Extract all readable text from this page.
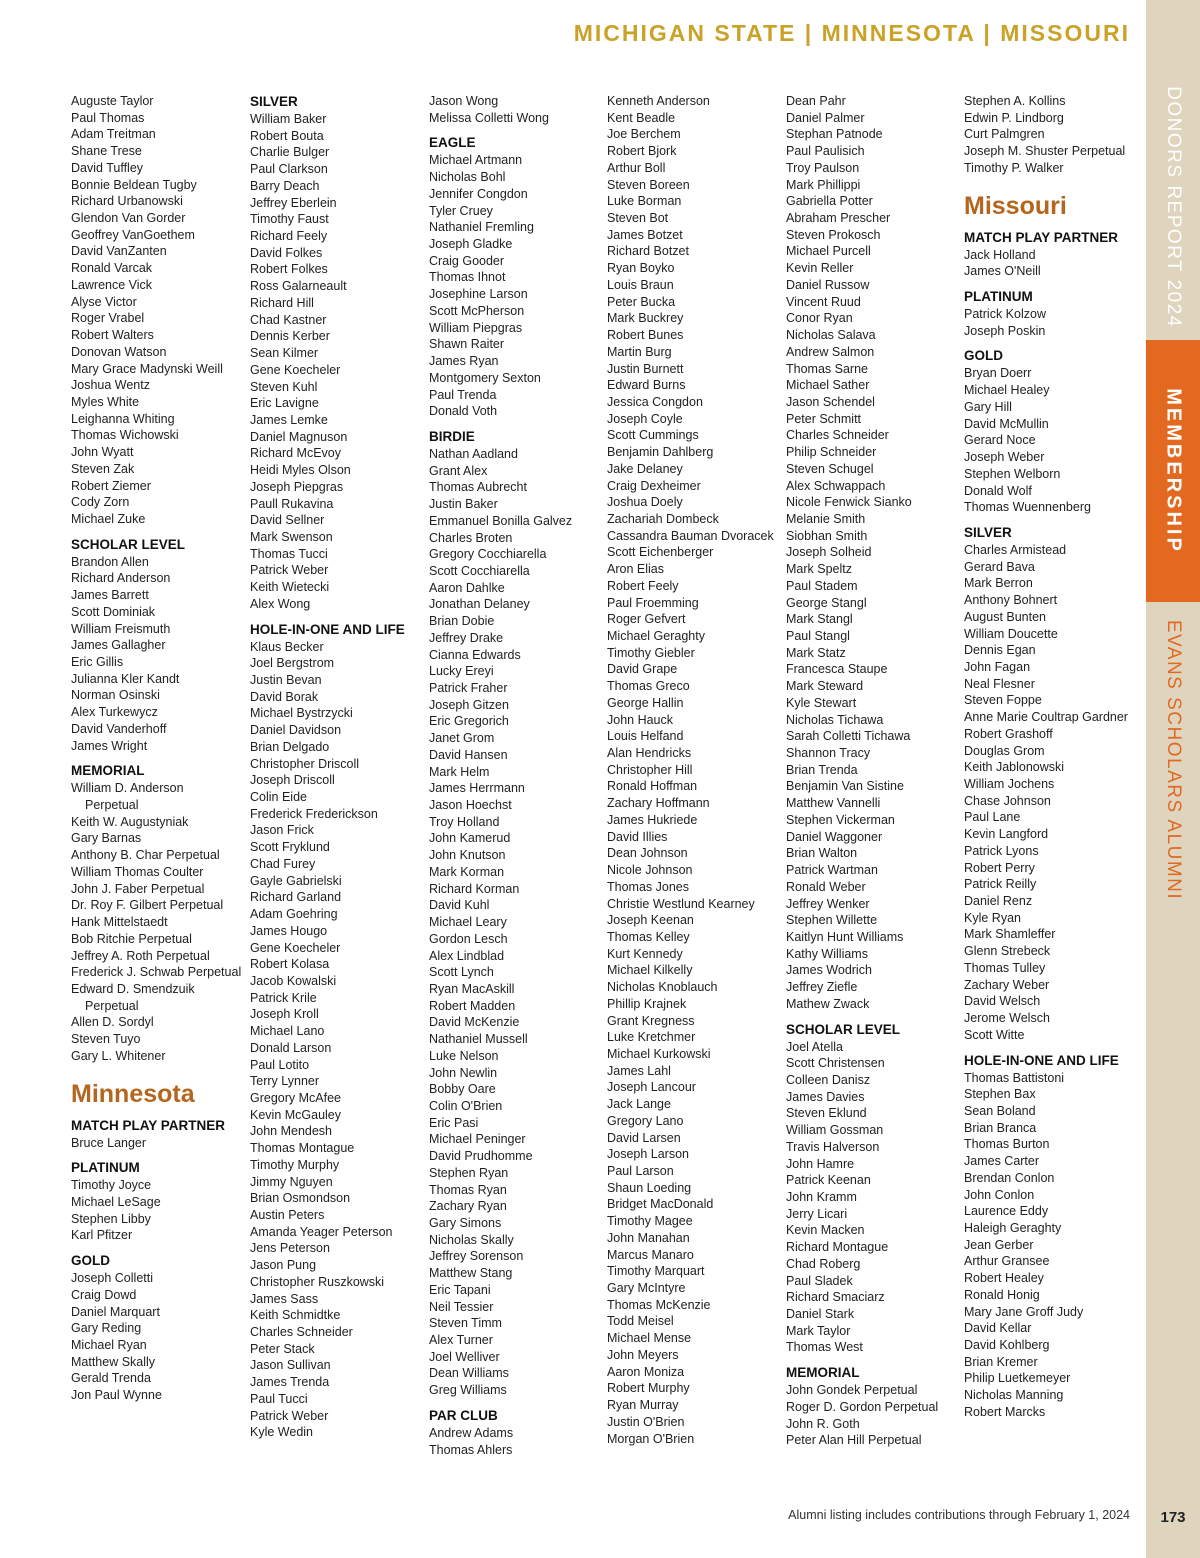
MICHIGAN STATE | MINNESOTA | MISSOURI
DONORS REPORT 2024
MEMBERSHIP
EVANS SCHOLARS ALUMNI
173
Auguste Taylor
Paul Thomas
Adam Treitman
Shane Trese
David Tuffley
Bonnie Beldean Tugby
Richard Urbanowski
Glendon Van Gorder
Geoffrey VanGoethem
David VanZanten
Ronald Varcak
Lawrence Vick
Alyse Victor
Roger Vrabel
Robert Walters
Donovan Watson
Mary Grace Madynski Weill
Joshua Wentz
Myles White
Leighanna Whiting
Thomas Wichowski
John Wyatt
Steven Zak
Robert Ziemer
Cody Zorn
Michael Zuke
SCHOLAR LEVEL
Brandon Allen
Richard Anderson
James Barrett
Scott Dominiak
William Freismuth
James Gallagher
Eric Gillis
Julianna Kler Kandt
Norman Osinski
Alex Turkewycz
David Vanderhoff
James Wright
MEMORIAL
William D. Anderson
Perpetual
Keith W. Augustyniak
Gary Barnas
Anthony B. Char Perpetual
William Thomas Coulter
John J. Faber Perpetual
Dr. Roy F. Gilbert Perpetual
Hank Mittelstaedt
Bob Ritchie Perpetual
Jeffrey A. Roth Perpetual
Frederick J. Schwab Perpetual
Edward D. Smendzuik
Perpetual
Allen D. Sordyl
Steven Tuyo
Gary L. Whitener
Minnesota
MATCH PLAY PARTNER
Bruce Langer
PLATINUM
Timothy Joyce
Michael LeSage
Stephen Libby
Karl Pfitzer
GOLD
Joseph Colletti
Craig Dowd
Daniel Marquart
Gary Reding
Michael Ryan
Matthew Skally
Gerald Trenda
Jon Paul Wynne
SILVER
William Baker
Robert Bouta
Charlie Bulger
Paul Clarkson
Barry Deach
Jeffrey Eberlein
Timothy Faust
Richard Feely
David Folkes
Robert Folkes
Ross Galarneault
Richard Hill
Chad Kastner
Dennis Kerber
Sean Kilmer
Gene Koecheler
Steven Kuhl
Eric Lavigne
James Lemke
Daniel Magnuson
Richard McEvoy
Heidi Myles Olson
Joseph Piepgras
Paull Rukavina
David Sellner
Mark Swenson
Thomas Tucci
Patrick Weber
Keith Wietecki
Alex Wong
HOLE-IN-ONE AND LIFE
Klaus Becker
Joel Bergstrom
Justin Bevan
David Borak
Michael Bystrzycki
Daniel Davidson
Brian Delgado
Christopher Driscoll
Joseph Driscoll
Colin Eide
Frederick Frederickson
Jason Frick
Scott Fryklund
Chad Furey
Gayle Gabrielski
Richard Garland
Adam Goehring
James Hougo
Gene Koecheler
Robert Kolasa
Jacob Kowalski
Patrick Krile
Joseph Kroll
Michael Lano
Donald Larson
Paul Lotito
Terry Lynner
Gregory McAfee
Kevin McGauley
John Mendesh
Thomas Montague
Timothy Murphy
Jimmy Nguyen
Brian Osmondson
Austin Peters
Amanda Yeager Peterson
Jens Peterson
Jason Pung
Christopher Ruszkowski
James Sass
Keith Schmidtke
Charles Schneider
Peter Stack
Jason Sullivan
James Trenda
Paul Tucci
Patrick Weber
Kyle Wedin
Jason Wong
Melissa Colletti Wong
EAGLE
Michael Artmann
Nicholas Bohl
Jennifer Congdon
Tyler Cruey
Nathaniel Fremling
Joseph Gladke
Craig Gooder
Thomas Ihnot
Josephine Larson
Scott McPherson
William Piepgras
Shawn Raiter
James Ryan
Montgomery Sexton
Paul Trenda
Donald Voth
BIRDIE
Nathan Aadland
Grant Alex
Thomas Aubrecht
Justin Baker
Emmanuel Bonilla Galvez
Charles Broten
Gregory Cocchiarella
Scott Cocchiarella
Aaron Dahlke
Jonathan Delaney
Brian Dobie
Jeffrey Drake
Cianna Edwards
Lucky Ereyi
Patrick Fraher
Joseph Gitzen
Eric Gregorich
Janet Grom
David Hansen
Mark Helm
James Herrmann
Jason Hoechst
Troy Holland
John Kamerud
John Knutson
Mark Korman
Richard Korman
David Kuhl
Michael Leary
Gordon Lesch
Alex Lindblad
Scott Lynch
Ryan MacAskill
Robert Madden
David McKenzie
Nathaniel Mussell
Luke Nelson
John Newlin
Bobby Oare
Colin O'Brien
Eric Pasi
Michael Peninger
David Prudhomme
Stephen Ryan
Thomas Ryan
Zachary Ryan
Gary Simons
Nicholas Skally
Jeffrey Sorenson
Matthew Stang
Eric Tapani
Neil Tessier
Steven Timm
Alex Turner
Joel Welliver
Dean Williams
Greg Williams
PAR CLUB
Andrew Adams
Thomas Ahlers
Kenneth Anderson
Kent Beadle
Joe Berchem
Robert Bjork
Arthur Boll
Steven Boreen
Luke Borman
Steven Bot
James Botzet
Richard Botzet
Ryan Boyko
Louis Braun
Peter Bucka
Mark Buckrey
Robert Bunes
Martin Burg
Justin Burnett
Edward Burns
Jessica Congdon
Joseph Coyle
Scott Cummings
Benjamin Dahlberg
Jake Delaney
Craig Dexheimer
Joshua Doely
Zachariah Dombeck
Cassandra Bauman Dvoracek
Scott Eichenberger
Aron Elias
Robert Feely
Paul Froemming
Roger Gefvert
Michael Geraghty
Timothy Giebler
David Grape
Thomas Greco
George Hallin
John Hauck
Louis Helfand
Alan Hendricks
Christopher Hill
Ronald Hoffman
Zachary Hoffmann
James Hukriede
David Illies
Dean Johnson
Nicole Johnson
Thomas Jones
Christie Westlund Kearney
Joseph Keenan
Thomas Kelley
Kurt Kennedy
Michael Kilkelly
Nicholas Knoblauch
Phillip Krajnek
Grant Kregness
Luke Kretchmer
Michael Kurkowski
James Lahl
Joseph Lancour
Jack Lange
Gregory Lano
David Larsen
Joseph Larson
Paul Larson
Shaun Loeding
Bridget MacDonald
Timothy Magee
John Manahan
Marcus Manaro
Timothy Marquart
Gary McIntyre
Thomas McKenzie
Todd Meisel
Michael Mense
John Meyers
Aaron Moniza
Robert Murphy
Ryan Murray
Justin O'Brien
Morgan O'Brien
Dean Pahr
Daniel Palmer
Stephan Patnode
Paul Paulisich
Troy Paulson
Mark Phillippi
Gabriella Potter
Abraham Prescher
Steven Prokosch
Michael Purcell
Kevin Reller
Daniel Russow
Vincent Ruud
Conor Ryan
Nicholas Salava
Andrew Salmon
Thomas Sarne
Michael Sather
Jason Schendel
Peter Schmitt
Charles Schneider
Philip Schneider
Steven Schugel
Alex Schwappach
Nicole Fenwick Sianko
Melanie Smith
Siobhan Smith
Joseph Solheid
Mark Speltz
Paul Stadem
George Stangl
Mark Stangl
Paul Stangl
Mark Statz
Francesca Staupe
Mark Steward
Kyle Stewart
Nicholas Tichawa
Sarah Colletti Tichawa
Shannon Tracy
Brian Trenda
Benjamin Van Sistine
Matthew Vannelli
Stephen Vickerman
Daniel Waggoner
Brian Walton
Patrick Wartman
Ronald Weber
Jeffrey Wenker
Stephen Willette
Kaitlyn Hunt Williams
Kathy Williams
James Wodrich
Jeffrey Ziefle
Mathew Zwack
SCHOLAR LEVEL
Joel Atella
Scott Christensen
Colleen Danisz
James Davies
Steven Eklund
William Gossman
Travis Halverson
John Hamre
Patrick Keenan
John Kramm
Jerry Licari
Kevin Macken
Richard Montague
Chad Roberg
Paul Sladek
Richard Smaciarz
Daniel Stark
Mark Taylor
Thomas West
MEMORIAL
John Gondek Perpetual
Roger D. Gordon Perpetual
John R. Goth
Peter Alan Hill Perpetual
Stephen A. Kollins
Edwin P. Lindborg
Curt Palmgren
Joseph M. Shuster Perpetual
Timothy P. Walker
Missouri
MATCH PLAY PARTNER
Jack Holland
James O'Neill
PLATINUM
Patrick Kolzow
Joseph Poskin
GOLD
Bryan Doerr
Michael Healey
Gary Hill
David McMullin
Gerard Noce
Joseph Weber
Stephen Welborn
Donald Wolf
Thomas Wuennenberg
SILVER
Charles Armistead
Gerard Bava
Mark Berron
Anthony Bohnert
August Bunten
William Doucette
Dennis Egan
John Fagan
Neal Flesner
Steven Foppe
Anne Marie Coultrap Gardner
Robert Grashoff
Douglas Grom
Keith Jablonowski
William Jochens
Chase Johnson
Paul Lane
Kevin Langford
Patrick Lyons
Robert Perry
Patrick Reilly
Daniel Renz
Kyle Ryan
Mark Shamleffer
Glenn Strebeck
Thomas Tulley
Zachary Weber
David Welsch
Jerome Welsch
Scott Witte
HOLE-IN-ONE AND LIFE
Thomas Battistoni
Stephen Bax
Sean Boland
Brian Branca
Thomas Burton
James Carter
Brendan Conlon
John Conlon
Laurence Eddy
Haleigh Geraghty
Jean Gerber
Arthur Gransee
Robert Healey
Ronald Honig
Mary Jane Groff Judy
David Kellar
David Kohlberg
Brian Kremer
Philip Luetkemeyer
Nicholas Manning
Robert Marcks
Alumni listing includes contributions through February 1, 2024
